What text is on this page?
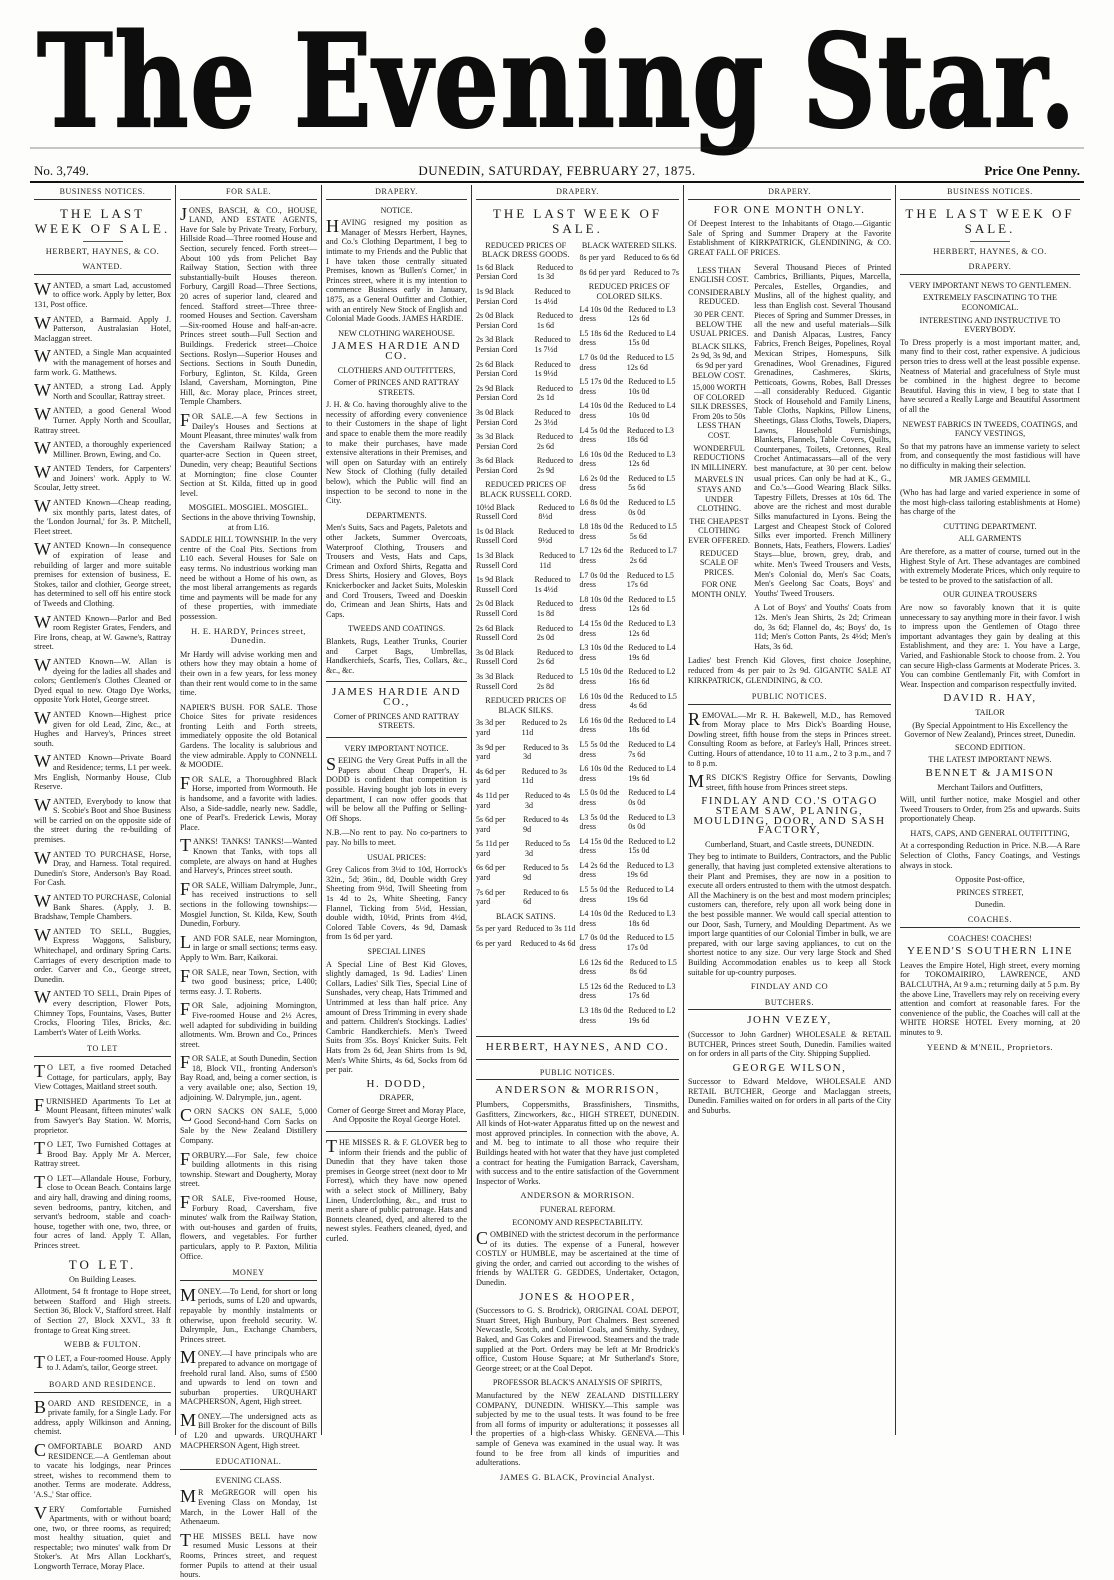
The Evening Star.
No. 3,749.	DUNEDIN, SATURDAY, FEBRUARY 27, 1875.	Price One Penny.
BUSINESS NOTICES.
THE LAST WEEK OF SALE.
HERBERT, HAYNES, & CO.
WANTED.
WANTED, a smart Lad, accustomed to office work. Apply by letter, Box 131, Post office.
WANTED, a Barmaid. Apply J. Patterson, Australasian Hotel, Maclaggan street.
WANTED, a Single Man acquainted with the management of horses and farm work. G. Matthews.
WANTED, a strong Lad. Apply North and Scoullar, Rattray street.
WANTED, a good General Wood Turner. Apply North and Scoullar, Rattray street.
WANTED, a thoroughly experienced Milliner. Brown, Ewing, and Co.
WANTED Tenders, for Carpenters' and Joiners' work. Apply to W. Scoular, Jetty street.
WANTED Known—Cheap reading, six monthly parts, latest dates, of the 'London Journal,' for 3s. P. Mitchell, Fleet street.
WANTED Known—In consequence of expiration of lease and rebuilding of larger and more suitable premises for extension of business, E. Stokes, tailor and clothier, George street, has determined to sell off his entire stock of Tweeds and Clothing.
WANTED Known—Parlor and Bed room Register Grates, Fenders, and Fire Irons, cheap, at W. Gawne's, Rattray street.
WANTED Known—W. Allan is dyeing for the ladies all shades and colors; Gentlemen's Clothes Cleaned or Dyed equal to new. Otago Dye Works, opposite York Hotel, George street.
WANTED Known—Highest price given for old Lead, Zinc, &c., at Hughes and Harvey's, Princes street south.
WANTED Known—Private Board and Residence; terms, L1 per week. Mrs English, Normanby House, Club Reserve.
WANTED, Everybody to know that S. Scobie's Boot and Shoe Business will be carried on on the opposite side of the street during the re-building of premises.
WANTED TO PURCHASE, Horse, Dray, and Harness. Total required. Dunedin's Store, Anderson's Bay Road. For Cash.
WANTED TO PURCHASE, Colonial Bank Shares. (Apply, J. B. Bradshaw, Temple Chambers.
WANTED TO SELL, Buggies, Express Waggons, Salisbury, Whitechapel, and ordinary Spring Carts. Carriages of every description made to order. Carver and Co., George street, Dunedin.
WANTED TO SELL, Drain Pipes of every description, Flower Pots, Chimney Tops, Fountains, Vases, Butter Crocks, Flooring Tiles, Bricks, &c. Lambert's Water of Leith Works.
TO LET
TO LET, a five roomed Detached Cottage, for particulars, apply, Bay View Cottages, Maitland street south.
FURNISHED Apartments To Let at Mount Pleasant, fifteen minutes' walk from Sawyer's Bay Station. W. Morris, proprietor.
TO LET, Two Furnished Cottages at Brood Bay. Apply Mr A. Mercer, Rattray street.
TO LET—Allandale House, Forbury, close to Ocean Beach. Contains large and airy hall, drawing and dining rooms, seven bedrooms, pantry, kitchen, and servant's bedroom, stable and coach-house, together with one, two, three, or four acres of land. Apply T. Allan, Princes street.
TO LET.
On Building Leases.
Allotment, 54 ft frontage to Hope street, between Stafford and High streets. Section 36, Block V., Stafford street. Half of Section 27, Block XXVI., 33 ft frontage to Great King street.
WEBB & FULTON.
TO LET, a Four-roomed House. Apply to J. Adam's, tailor, George street.
BOARD AND RESIDENCE.
BOARD AND RESIDENCE, in a private family, for a Single Lady. For address, apply Wilkinson and Anning, chemist.
COMFORTABLE BOARD AND RESIDENCE.—A Gentleman about to vacate his lodgings, near Princes street, wishes to recommend them to another. Terms are moderate. Address, 'A.S.,' Star office.
VERY Comfortable Furnished Apartments, with or without board; one, two, or three rooms, as required; most healthy situation, quiet and respectable; two minutes' walk from Dr Stoker's. At Mrs Allan Lockhart's, Longworth Terrace, Moray Place.
FOR SALE.
JONES, BASCH, & CO., HOUSE, LAND, AND ESTATE AGENTS, Have for Sale by Private Treaty, Forbury, Hillside Road—Three roomed House and Section, securely fenced. Forth street—About 100 yds from Pelichet Bay Railway Station, Section with three substantially-built Houses thereon. Forbury, Cargill Road—Three Sections, 20 acres of superior land, cleared and fenced. Stafford street—Three three-roomed Houses and Section. Caversham—Six-roomed House and half-an-acre. Princes street south—Full Section and Buildings. Frederick street—Choice Sections. Roslyn—Superior Houses and Sections. Sections in South Dunedin, Forbury, Eglinton, St. Kilda, Green Island, Caversham, Mornington, Pine Hill, &c. Moray place, Princes street, Temple Chambers.
FOR SALE.—A few Sections in Dailey's Houses and Sections at Mount Pleasant, three minutes' walk from the Caversham Railway Station; a quarter-acre Section in Queen street, Dunedin, very cheap; Beautiful Sections at Mornington; fine close Counter Section at St. Kilda, fitted up in good level.
MOSGIEL. MOSGIEL. MOSGIEL. Sections in the above thriving Township, at from L16.
SADDLE HILL TOWNSHIP. In the very centre of the Coal Pits. Sections from L10 each. Several Houses for Sale on easy terms. No industrious working man need be without a Home of his own, as the most liberal arrangements as regards time and payments will be made for any of these properties, with immediate possession.
H. E. HARDY, Princes street, Dunedin.
Mr Hardy will advise working men and others how they may obtain a home of their own in a few years, for less money than their rent would come to in the same time.
NAPIER'S BUSH. FOR SALE. Those Choice Sites for private residences fronting Leith and Forth streets, immediately opposite the old Botanical Gardens. The locality is salubrious and the view admirable. Apply to CONNELL & MOODIE.
FOR SALE, a Thoroughbred Black Horse, imported from Wormouth. He is handsome, and a favorite with ladies. Also, a Side-saddle, nearly new. Saddle, one of Pearl's. Frederick Lewis, Moray Place.
TANKS! TANKS! TANKS!—Wanted Known that Tanks, with tops all complete, are always on hand at Hughes and Harvey's, Princes street south.
FOR SALE, William Dalrymple, Junr., has received instructions to sell sections in the following townships:—Mosgiel Junction, St. Kilda, Kew, South Dunedin, Forbury.
LAND FOR SALE, near Mornington, in large or small sections; terms easy. Apply to Wm. Barr, Kaikorai.
FOR SALE, near Town, Section, with two good business; price, L400; terms easy. J. T. Roberts.
FOR Sale, adjoining Mornington, Five-roomed House and 2½ Acres, well adapted for subdividing in building allotments. Wm. Brown and Co., Princes street.
FOR SALE, at South Dunedin, Section 18, Block VII., fronting Anderson's Bay Road, and, being a corner section, is a very available one; also, Section 19, adjoining. W. Dalrymple, jun., agent.
CORN SACKS ON SALE, 5,000 Good Second-hand Corn Sacks on Sale by the New Zealand Distillery Company.
FORBURY.—For Sale, few choice building allotments in this rising township. Stewart and Dougherty, Moray street.
FOR SALE, Five-roomed House, Forbury Road, Caversham, five minutes' walk from the Railway Station, with out-houses and garden of fruits, flowers, and vegetables. For further particulars, apply to P. Paxton, Militia Office.
MONEY
MONEY.—To Lend, for short or long periods, sums of L20 and upwards, repayable by monthly instalments or otherwise, upon freehold security. W. Dalrymple, Jun., Exchange Chambers, Princes street.
MONEY.—I have principals who are prepared to advance on mortgage of freehold rural land. Also, sums of £500 and upwards to lend on town and suburban properties. URQUHART MACPHERSON, Agent, High street.
MONEY.—The undersigned acts as Bill Broker for the discount of Bills of L20 and upwards. URQUHART MACPHERSON Agent, High street.
EDUCATIONAL.
EVENING CLASS.
MR McGREGOR will open his Evening Class on Monday, 1st March, in the Lower Hall of the Athenaeum.
THE MISSES BELL have now resumed Music Lessons at their Rooms, Princes street, and request former Pupils to attend at their usual hours.
DRAPERY.
NOTICE.
HAVING resigned my position as Manager of Messrs Herbert, Haynes, and Co.'s Clothing Department, I beg to intimate to my Friends and the Public that I have taken those centrally situated Premises, known as 'Bullen's Corner,' in Princes street, where it is my intention to commence Business early in January, 1875, as a General Outfitter and Clothier, with an entirely New Stock of English and Colonial Made Goods. JAMES HARDIE.
NEW CLOTHING WAREHOUSE.
JAMES HARDIE AND CO.
CLOTHIERS AND OUTFITTERS,
Corner of PRINCES AND RATTRAY STREETS.
J. H. & Co. having thoroughly alive to the necessity of affording every convenience to their Customers in the shape of light and space to enable them the more readily to make their purchases, have made extensive alterations in their Premises, and will open on Saturday with an entirely New Stock of Clothing (fully detailed below), which the Public will find an inspection to be second to none in the City.
DEPARTMENTS.
Men's Suits, Sacs and Pagets, Paletots and other Jackets, Summer Overcoats, Waterproof Clothing, Trousers and Trousers and Vests, Hats and Caps, Crimean and Oxford Shirts, Regatta and Dress Shirts, Hosiery and Gloves, Boys Knickerbocker and Jacket Suits, Moleskin and Cord Trousers, Tweed and Doeskin do, Crimean and Jean Shirts, Hats and Caps.
TWEEDS AND COATINGS.
Blankets, Rugs, Leather Trunks, Courier and Carpet Bags, Umbrellas, Handkerchiefs, Scarfs, Ties, Collars, &c., &c., &c.
JAMES HARDIE AND CO.,
Corner of PRINCES AND RATTRAY STREETS.
VERY IMPORTANT NOTICE.
SEEING the Very Great Puffs in all the Papers about Cheap Draper's, H. DODD is confident that competition is possible. Having bought job lots in every department, I can now offer goods that will be below all the Puffing or Selling-Off Shops.
N.B.—No rent to pay. No co-partners to pay. No bills to meet.
USUAL PRICES:
Grey Calicos from 3½d to 10d, Horrock's 32in., 5d; 36in., 8d, Double width Grey Sheeting from 9½d, Twill Sheeting from 1s 4d to 2s, White Sheeting, Fancy Flannel, Ticking from 5½d, Hessian, double width, 10½d, Prints from 4½d, Colored Table Covers, 4s 9d, Damask from 1s 6d per yard.
SPECIAL LINES
A Special Line of Best Kid Gloves, slightly damaged, 1s 9d. Ladies' Linen Collars, Ladies' Silk Ties, Special Line of Sunshades, very cheap, Hats Trimmed and Untrimmed at less than half price. Any amount of Dress Trimming in every shade and pattern. Children's Stockings. Ladies' Cambric Handkerchiefs. Men's Tweed Suits from 35s. Boys' Knicker Suits. Felt Hats from 2s 6d, Jean Shirts from 1s 9d, Men's White Shirts, 4s 6d, Socks from 6d per pair.
H. DODD,
DRAPER,
Corner of George Street and Moray Place, And Opposite the Royal George Hotel.
THE MISSES R. & F. GLOVER beg to inform their friends and the public of Dunedin that they have taken those premises in George street (next door to Mr Forrest), which they have now opened with a select stock of Millinery, Baby Linen, Underclothing, &c., and trust to merit a share of public patronage. Hats and Bonnets cleaned, dyed, and altered to the newest styles. Feathers cleaned, dyed, and curled.
DRAPERY.
THE LAST WEEK OF SALE.
REDUCED PRICES OF BLACK DRESS GOODS.
1s 6d Black Persian Cord
Reduced to 1s 3d
1s 9d Black Persian Cord
Reduced to 1s 4½d
2s 0d Black Persian Cord
Reduced to 1s 6d
2s 3d Black Persian Cord
Reduced to 1s 7½d
2s 6d Black Persian Cord
Reduced to 1s 9½d
2s 9d Black Persian Cord
Reduced to 2s 1d
3s 0d Black Persian Cord
Reduced to 2s 3½d
3s 3d Black Persian Cord
Reduced to 2s 6d
3s 6d Black Persian Cord
Reduced to 2s 9d
REDUCED PRICES OF BLACK RUSSELL CORD.
10½d Black Russell Cord
Reduced to 8½d
1s 0d Black Russell Cord
Reduced to 9½d
1s 3d Black Russell Cord
Reduced to 11d
1s 9d Black Russell Cord
Reduced to 1s 4½d
2s 0d Black Russell Cord
Reduced to 1s 8d
2s 6d Black Russell Cord
Reduced to 2s 0d
3s 0d Black Russell Cord
Reduced to 2s 6d
3s 3d Black Russell Cord
Reduced to 2s 8d
REDUCED PRICES OF BLACK SILKS.
3s 3d per yard
Reduced to 2s 11d
3s 9d per yard
Reduced to 3s 3d
4s 6d per yard
Reduced to 3s 11d
4s 11d per yard
Reduced to 4s 3d
5s 6d per yard
Reduced to 4s 9d
5s 11d per yard
Reduced to 5s 3d
6s 6d per yard
Reduced to 5s 9d
7s 6d per yard
Reduced to 6s 6d
BLACK SATINS.
5s per yard Reduced to 3s 11d
6s per yard	Reduced to 4s 6d
BLACK WATERED SILKS.
8s per yard	Reduced to 6s 6d
8s 6d per yard	Reduced to 7s
REDUCED PRICES OF COLORED SILKS.
L4 10s 0d the dress
Reduced to L3 12s 6d
L5 18s 6d the dress
Reduced to L4 15s 0d
L7 0s 0d the dress
Reduced to L5 12s 6d
L5 17s 0d the dress
Reduced to L5 10s 0d
L4 10s 0d the dress
Reduced to L4 10s 0d
L4 5s 0d the dress
Reduced to L3 18s 6d
L6 10s 0d the dress
Reduced to L3 12s 6d
L6 2s 0d the dress
Reduced to L5 5s 6d
L6 8s 0d the dress
Reduced to L5 0s 0d
L8 18s 0d the dress
Reduced to L5 5s 6d
L7 12s 6d the dress
Reduced to L7 2s 6d
L7 0s 0d the dress
Reduced to L5 17s 6d
L8 10s 0d the dress
Reduced to L5 12s 6d
L4 15s 0d the dress
Reduced to L3 12s 6d
L3 10s 0d the dress
Reduced to L4 19s 6d
L5 10s 0d the dress
Reduced to L2 16s 6d
L6 10s 0d the dress
Reduced to L5 4s 6d
L6 16s 0d the dress
Reduced to L4 18s 6d
L5 5s 0d the dress
Reduced to L4 7s 6d
L6 10s 0d the dress
Reduced to L4 19s 6d
L5 0s 0d the dress
Reduced to L4 0s 0d
L3 5s 0d the dress
Reduced to L3 0s 0d
L4 15s 0d the dress
Reduced to L2 15s 0d
L4 2s 6d the dress
Reduced to L3 19s 6d
L5 5s 0d the dress
Reduced to L4 19s 6d
L4 10s 0d the dress
Reduced to L3 18s 6d
L7 0s 0d the dress
Reduced to L5 17s 0d
L6 12s 6d the dress
Reduced to L5 8s 6d
L5 12s 6d the dress
Reduced to L3 17s 6d
L3 18s 0d the dress
Reduced to L2 19s 6d
HERBERT, HAYNES, AND CO.
PUBLIC NOTICES.
ANDERSON & MORRISON,
Plumbers, Coppersmiths, Brassfinishers, Tinsmiths, Gasfitters, Zincworkers, &c., HIGH STREET, DUNEDIN. All kinds of Hot-water Apparatus fitted up on the newest and most approved principles. In connection with the above, A. and M. beg to intimate to all those who require their Buildings heated with hot water that they have just completed a contract for heating the Fumigation Barrack, Caversham, with success and to the entire satisfaction of the Government Inspector of Works.
ANDERSON & MORRISON.
FUNERAL REFORM.
ECONOMY AND RESPECTABILITY.
COMBINED with the strictest decorum in the performance of its duties. The expense of a Funeral, however COSTLY or HUMBLE, may be ascertained at the time of giving the order, and carried out according to the wishes of friends by WALTER G. GEDDES, Undertaker, Octagon, Dunedin.
JONES & HOOPER,
(Successors to G. S. Brodrick), ORIGINAL COAL DEPOT, Stuart Street, High Bunbury, Port Chalmers. Best screened Newcastle, Scotch, and Colonial Coals, and Smithy. Sydney, Baked, and Gas Cokes and Firewood. Steamers and the trade supplied at the Port. Orders may be left at Mr Brodrick's office, Custom House Square; at Mr Sutherland's Store, George street; or at the Coal Depot.
PROFESSOR BLACK'S ANALYSIS OF SPIRITS,
Manufactured by the NEW ZEALAND DISTILLERY COMPANY, DUNEDIN. WHISKY.—This sample was subjected by me to the usual tests. It was found to be free from all forms of impurity or adulterations; it possesses all the properties of a high-class Whisky. GENEVA.—This sample of Geneva was examined in the usual way. It was found to be free from all kinds of impurities and adulterations.
JAMES G. BLACK, Provincial Analyst.
DRAPERY.
FOR ONE MONTH ONLY.
Of Deepest Interest to the Inhabitants of Otago.—Gigantic Sale of Spring and Summer Drapery at the Favorite Establishment of KIRKPATRICK, GLENDINING, & CO. GREAT FALL OF PRICES.
LESS THAN ENGLISH COST.
CONSIDERABLY REDUCED.
30 PER CENT. BELOW THE USUAL PRICES.
BLACK SILKS, 2s 9d, 3s 9d, and 6s 9d per yard BELOW COST.
15,000 WORTH OF COLORED SILK DRESSES, From 20s to 50s LESS THAN COST.
WONDERFUL REDUCTIONS IN MILLINERY.
MARVELS IN STAYS AND UNDER CLOTHING.
THE CHEAPEST CLOTHING EVER OFFERED.
REDUCED SCALE OF PRICES.
FOR ONE MONTH ONLY.
Several Thousand Pieces of Printed Cambrics, Brilliants, Piques, Marcella, Percales, Estelles, Organdies, and Muslins, all of the highest quality, and less than English cost. Several Thousand Pieces of Spring and Summer Dresses, in all the new and useful materials—Silk and Danish Alpacas, Lustres, Fancy Fabrics, French Beiges, Popelines, Royal Mexican Stripes, Homespuns, Silk Grenadines, Wool Grenadines, Figured Grenadines, Cashmeres, Skirts, Petticoats, Gowns, Robes, Ball Dresses—all considerably Reduced. Gigantic Stock of Household and Family Linens, Table Cloths, Napkins, Pillow Linens, Sheetings, Glass Cloths, Towels, Diapers, Lawns, Household Furnishings, Blankets, Flannels, Table Covers, Quilts, Counterpanes, Toilets, Cretonnes, Real Crochet Antimacassars—all of the very best manufacture, at 30 per cent. below usual prices. Can only be had at K., G., and Co.'s—Good Wearing Black Silks. Tapestry Fillets, Dresses at 10s 6d. The above are the richest and most durable Silks manufactured in Lyons. Being the Largest and Cheapest Stock of Colored Silks ever imported. French Millinery Bonnets, Hats, Feathers, Flowers. Ladies' Stays—blue, brown, grey, drab, and white. Men's Tweed Trousers and Vests, Men's Colonial do, Men's Sac Coats, Men's Geelong Sac Coats, Boys' and Youths' Tweed Trousers.
A Lot of Boys' and Youths' Coats from 12s. Men's Jean Shirts, 2s 2d; Crimean do, 3s 6d; Flannel do, 4s; Boys' do, 1s 11d; Men's Cotton Pants, 2s 4½d; Men's Hats, 3s 6d.
Ladies' best French Kid Gloves, first choice Josephine, reduced from 4s per pair to 2s 9d. GIGANTIC SALE AT KIRKPATRICK, GLENDINING, & CO.
PUBLIC NOTICES.
REMOVAL.—Mr R. H. Bakewell, M.D., has Removed from Moray place to Mrs Dick's Boarding House, Dowling street, fifth house from the steps in Princes street. Consulting Room as before, at Farley's Hall, Princes street. Cutting. Hours of attendance, 10 to 11 a.m., 2 to 3 p.m., and 7 to 8 p.m.
MRS DICK'S Registry Office for Servants, Dowling street, fifth house from Princes street steps.
FINDLAY AND CO.'S OTAGO STEAM SAW, PLANING, MOULDING, DOOR, AND SASH FACTORY,
Cumberland, Stuart, and Castle streets, DUNEDIN.
They beg to intimate to Builders, Contractors, and the Public generally, that having just completed extensive alterations to their Plant and Premises, they are now in a position to execute all orders entrusted to them with the utmost despatch. All the Machinery is on the best and most modern principles; customers can, therefore, rely upon all work being done in the best possible manner. We would call special attention to our Door, Sash, Turnery, and Moulding Department. As we import large quantities of our Colonial Timber in bulk, we are prepared, with our large saving appliances, to cut on the shortest notice to any size. Our very large Stock and Shed Building Accommodation enables us to keep all Stock suitable for up-country purposes.
FINDLAY AND CO
BUTCHERS.
JOHN VEZEY,
(Successor to John Gardner) WHOLESALE & RETAIL BUTCHER, Princes street South, Dunedin. Families waited on for orders in all parts of the City. Shipping Supplied.
GEORGE WILSON,
Successor to Edward Meldove, WHOLESALE AND RETAIL BUTCHER, George and Maclaggan streets, Dunedin. Families waited on for orders in all parts of the City and Suburbs.
BUSINESS NOTICES.
THE LAST WEEK OF SALE.
HERBERT, HAYNES, & CO.
DRAPERY.
VERY IMPORTANT NEWS TO GENTLEMEN.
EXTREMELY FASCINATING TO THE ECONOMICAL.
INTERESTING AND INSTRUCTIVE TO EVERYBODY.
To Dress properly is a most important matter, and, many find to their cost, rather expensive. A judicious person tries to dress well at the least possible expense. Neatness of Material and gracefulness of Style must be combined in the highest degree to become Beautiful. Having this in view, I beg to state that I have secured a Really Large and Beautiful Assortment of all the
NEWEST FABRICS IN TWEEDS, COATINGS, and FANCY VESTINGS,
So that my patrons have an immense variety to select from, and consequently the most fastidious will have no difficulty in making their selection.
MR JAMES GEMMILL
(Who has had large and varied experience in some of the most high-class tailoring establishments at Home) has charge of the
CUTTING DEPARTMENT.
ALL GARMENTS
Are therefore, as a matter of course, turned out in the Highest Style of Art. These advantages are combined with extremely Moderate Prices, which only require to be tested to be proved to the satisfaction of all.
OUR GUINEA TROUSERS
Are now so favorably known that it is quite unnecessary to say anything more in their favor. I wish to impress upon the Gentlemen of Otago three important advantages they gain by dealing at this Establishment, and they are: 1. You have a Large, Varied, and Fashionable Stock to choose from. 2. You can secure High-class Garments at Moderate Prices. 3. You can combine Gentlemanly Fit, with Comfort in Wear. Inspection and comparison respectfully invited.
DAVID R. HAY,
TAILOR
(By Special Appointment to His Excellency the Governor of New Zealand), Princes street, Dunedin.
SECOND EDITION.
THE LATEST IMPORTANT NEWS.
BENNET & JAMISON
Merchant Tailors and Outfitters,
Will, until further notice, make Mosgiel and other Tweed Trousers to Order, from 25s and upwards. Suits proportionately Cheap.
HATS, CAPS, AND GENERAL OUTFITTING,
At a corresponding Reduction in Price. N.B.—A Rare Selection of Cloths, Fancy Coatings, and Vestings always in stock.
Opposite Post-office,
PRINCES STREET,
Dunedin.
COACHES.
COACHES! COACHES!
YEEND'S SOUTHERN LINE
Leaves the Empire Hotel, High street, every morning for TOKOMAIRIRO, LAWRENCE, AND BALCLUTHA, At 9 a.m.; returning daily at 5 p.m. By the above Line, Travellers may rely on receiving every attention and comfort at reasonable fares. For the convenience of the public, the Coaches will call at the WHITE HORSE HOTEL Every morning, at 20 minutes to 9.
YEEND & M'NEIL, Proprietors.
